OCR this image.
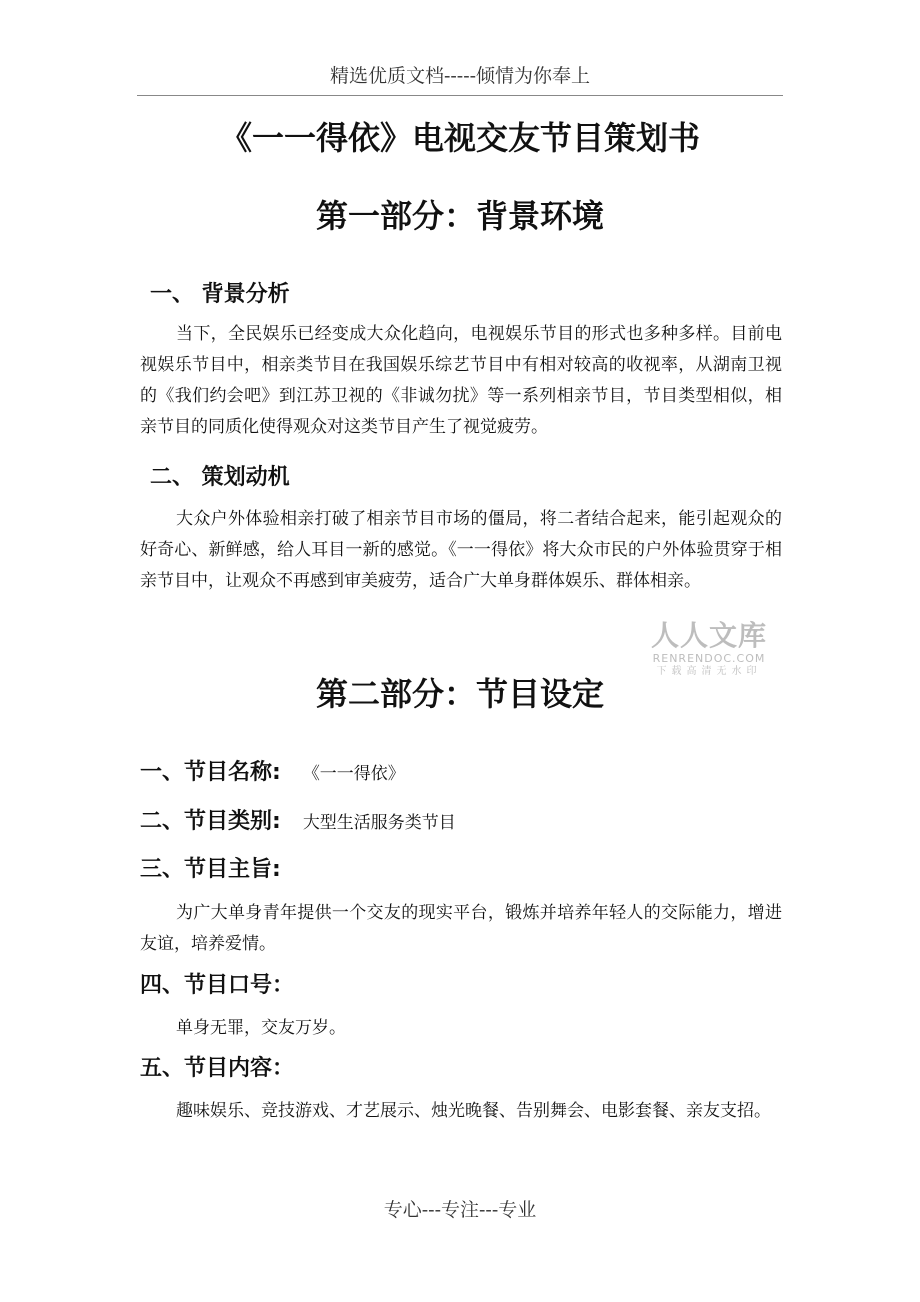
精选优质文档-----倾情为你奉上
《一一得依》电视交友节目策划书
第一部分：背景环境
一、 背景分析

当下，全民娱乐已经变成大众化趋向，电视娱乐节目的形式也多种多样。目前电视娱乐节目中，相亲类节目在我国娱乐综艺节目中有相对较高的收视率，从湖南卫视的《我们约会吧》到江苏卫视的《非诚勿扰》等一系列相亲节目，节目类型相似，相亲节目的同质化使得观众对这类节目产生了视觉疲劳。

二、 策划动机

大众户外体验相亲打破了相亲节目市场的僵局，将二者结合起来，能引起观众的好奇心、新鲜感，给人耳目一新的感觉。《一一得依》将大众市民的户外体验贯穿于相亲节目中，让观众不再感到审美疲劳，适合广大单身群体娱乐、群体相亲。

人人文库
RENRENDOC.COM
下载高清无水印
第二部分：节目设定
一、节目名称: 《一一得依》
二、节目类别: 大型生活服务类节目
三、节目主旨:

为广大单身青年提供一个交友的现实平台，锻炼并培养年轻人的交际能力，增进友谊，培养爱情。

四、节目口号：

单身无罪，交友万岁。

五、节目内容：

趣味娱乐、竞技游戏、才艺展示、烛光晚餐、告别舞会、电影套餐、亲友支招。

专心---专注---专业
